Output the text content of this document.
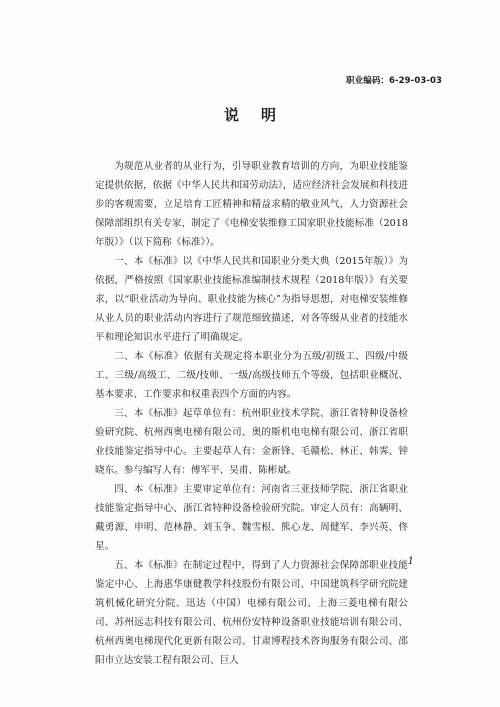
职业编码：6-29-03-03
说明

为规范从业者的从业行为，引导职业教育培训的方向，为职业技能鉴定提供依据，依据《中华人民共和国劳动法》，适应经济社会发展和科技进步的客观需要，立足培育工匠精神和精益求精的敬业风气，人力资源社会保障部组织有关专家，制定了《电梯安装维修工国家职业技能标准（2018年版）》（以下简称《标准》）。

一、本《标准》以《中华人民共和国职业分类大典（2015年版）》为依据，严格按照《国家职业技能标准编制技术规程（2018年版）》有关要求，以“职业活动为导向、职业技能为核心”为指导思想，对电梯安装维修从业人员的职业活动内容进行了规范细致描述，对各等级从业者的技能水平和理论知识水平进行了明确规定。

二、本《标准》依据有关规定将本职业分为五级/初级工、四级/中级工、三级/高级工、二级/技师、一级/高级技师五个等级，包括职业概况、基本要求、工作要求和权重表四个方面的内容。

三、本《标准》起草单位有：杭州职业技术学院、浙江省特种设备检验研究院、杭州西奥电梯有限公司、奥的斯机电电梯有限公司、浙江省职业技能鉴定指导中心。主要起草人有：金新锋、毛赣松、林正、韩霁、钟晓东。参与编写人有：傅军平、吴甫、陈彬斌。

四、本《标准》主要审定单位有：河南省三亚技师学院、浙江省职业技能鉴定指导中心、浙江省特种设备检验研究院。审定人员有：高辆明、戴勇源、申明、范林静、刘玉争、魏雪根、熊心龙、周健军、李兴英、佟星。

五、本《标准》在制定过程中，得到了人力资源社会保障部职业技能鉴定中心、上海惠华康健教学科技股份有限公司、中国建筑科学研究院建筑机械化研究分院、迅达（中国）电梯有限公司、上海三菱电梯有限公司、苏州远志科技有限公司、杭州份安特种设备职业技能培训有限公司、杭州西奥电梯现代化更新有限公司、甘肃博程技术咨询服务有限公司、邵阳市立达安装工程有限公司、巨人

1
